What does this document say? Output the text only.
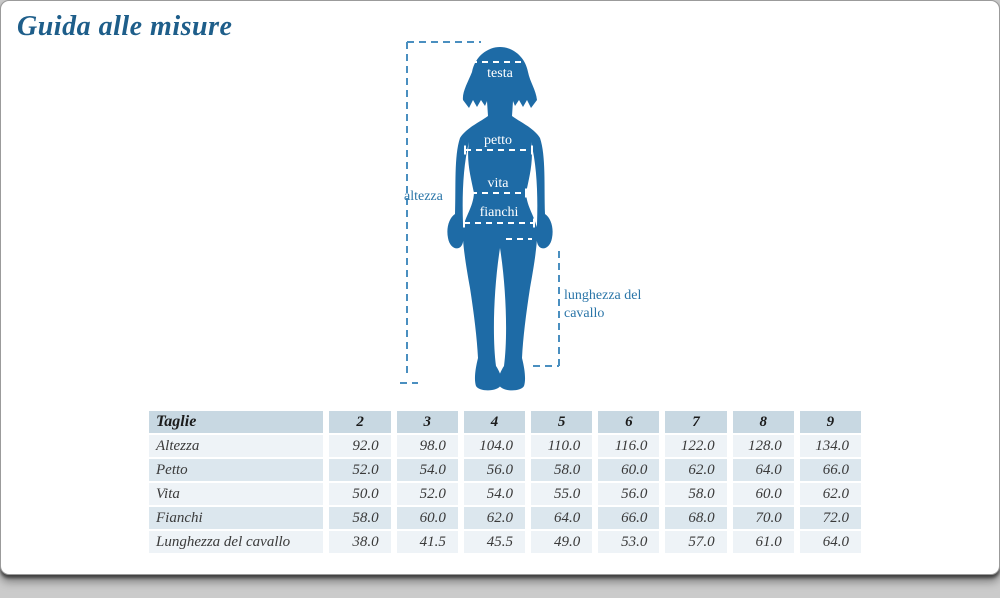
Guida alle misure
testa
petto
vita
fianchi
altezza
lunghezza del
cavallo
Taglie	2	3	4	5	6	7	8	9
Altezza	92.0	98.0	104.0	110.0	116.0	122.0	128.0	134.0
Petto	52.0	54.0	56.0	58.0	60.0	62.0	64.0	66.0
Vita	50.0	52.0	54.0	55.0	56.0	58.0	60.0	62.0
Fianchi	58.0	60.0	62.0	64.0	66.0	68.0	70.0	72.0
Lunghezza del cavallo	38.0	41.5	45.5	49.0	53.0	57.0	61.0	64.0
